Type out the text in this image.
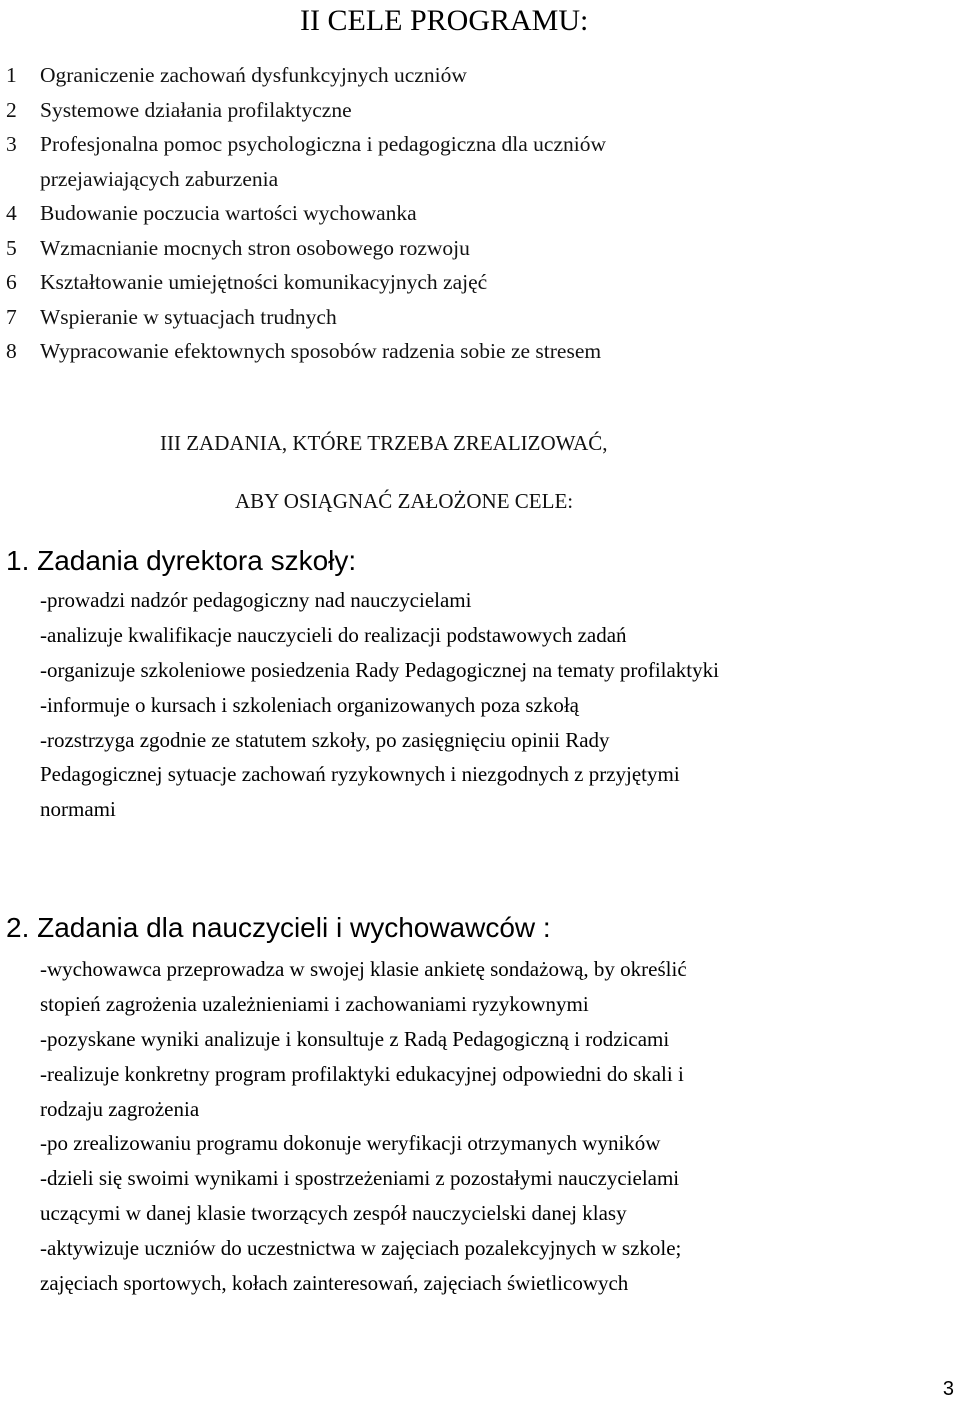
II CELE PROGRAMU:
1 Ograniczenie zachowań dysfunkcyjnych uczniów
2 Systemowe działania profilaktyczne
3 Profesjonalna pomoc psychologiczna i pedagogiczna dla uczniów
przejawiających zaburzenia
4 Budowanie poczucia wartości wychowanka
5 Wzmacnianie mocnych stron osobowego rozwoju
6 Kształtowanie umiejętności komunikacyjnych zajęć
7 Wspieranie w sytuacjach trudnych
8 Wypracowanie efektownych sposobów radzenia sobie ze stresem
III ZADANIA, KTÓRE TRZEBA ZREALIZOWAĆ,
ABY OSIĄGNAĆ ZAŁOŻONE CELE:
1. Zadania dyrektora szkoły:
-prowadzi nadzór pedagogiczny nad nauczycielami
-analizuje kwalifikacje nauczycieli do realizacji podstawowych zadań
-organizuje szkoleniowe posiedzenia Rady Pedagogicznej na tematy profilaktyki
-informuje o kursach i szkoleniach organizowanych poza szkołą
-rozstrzyga zgodnie ze statutem szkoły, po zasięgnięciu opinii Rady
Pedagogicznej sytuacje zachowań ryzykownych i niezgodnych z przyjętymi
normami
2. Zadania dla nauczycieli i wychowawców :
-wychowawca przeprowadza w swojej klasie ankietę sondażową, by określić
stopień zagrożenia uzależnieniami i zachowaniami ryzykownymi
-pozyskane wyniki analizuje i konsultuje z Radą Pedagogiczną i rodzicami
-realizuje konkretny program profilaktyki edukacyjnej odpowiedni do skali i
rodzaju zagrożenia
-po zrealizowaniu programu dokonuje weryfikacji otrzymanych wyników
-dzieli się swoimi wynikami i spostrzeżeniami z pozostałymi nauczycielami
uczącymi w danej klasie tworzących zespół nauczycielski danej klasy
-aktywizuje uczniów do uczestnictwa w zajęciach pozalekcyjnych w szkole;
zajęciach sportowych, kołach zainteresowań, zajęciach świetlicowych
3
